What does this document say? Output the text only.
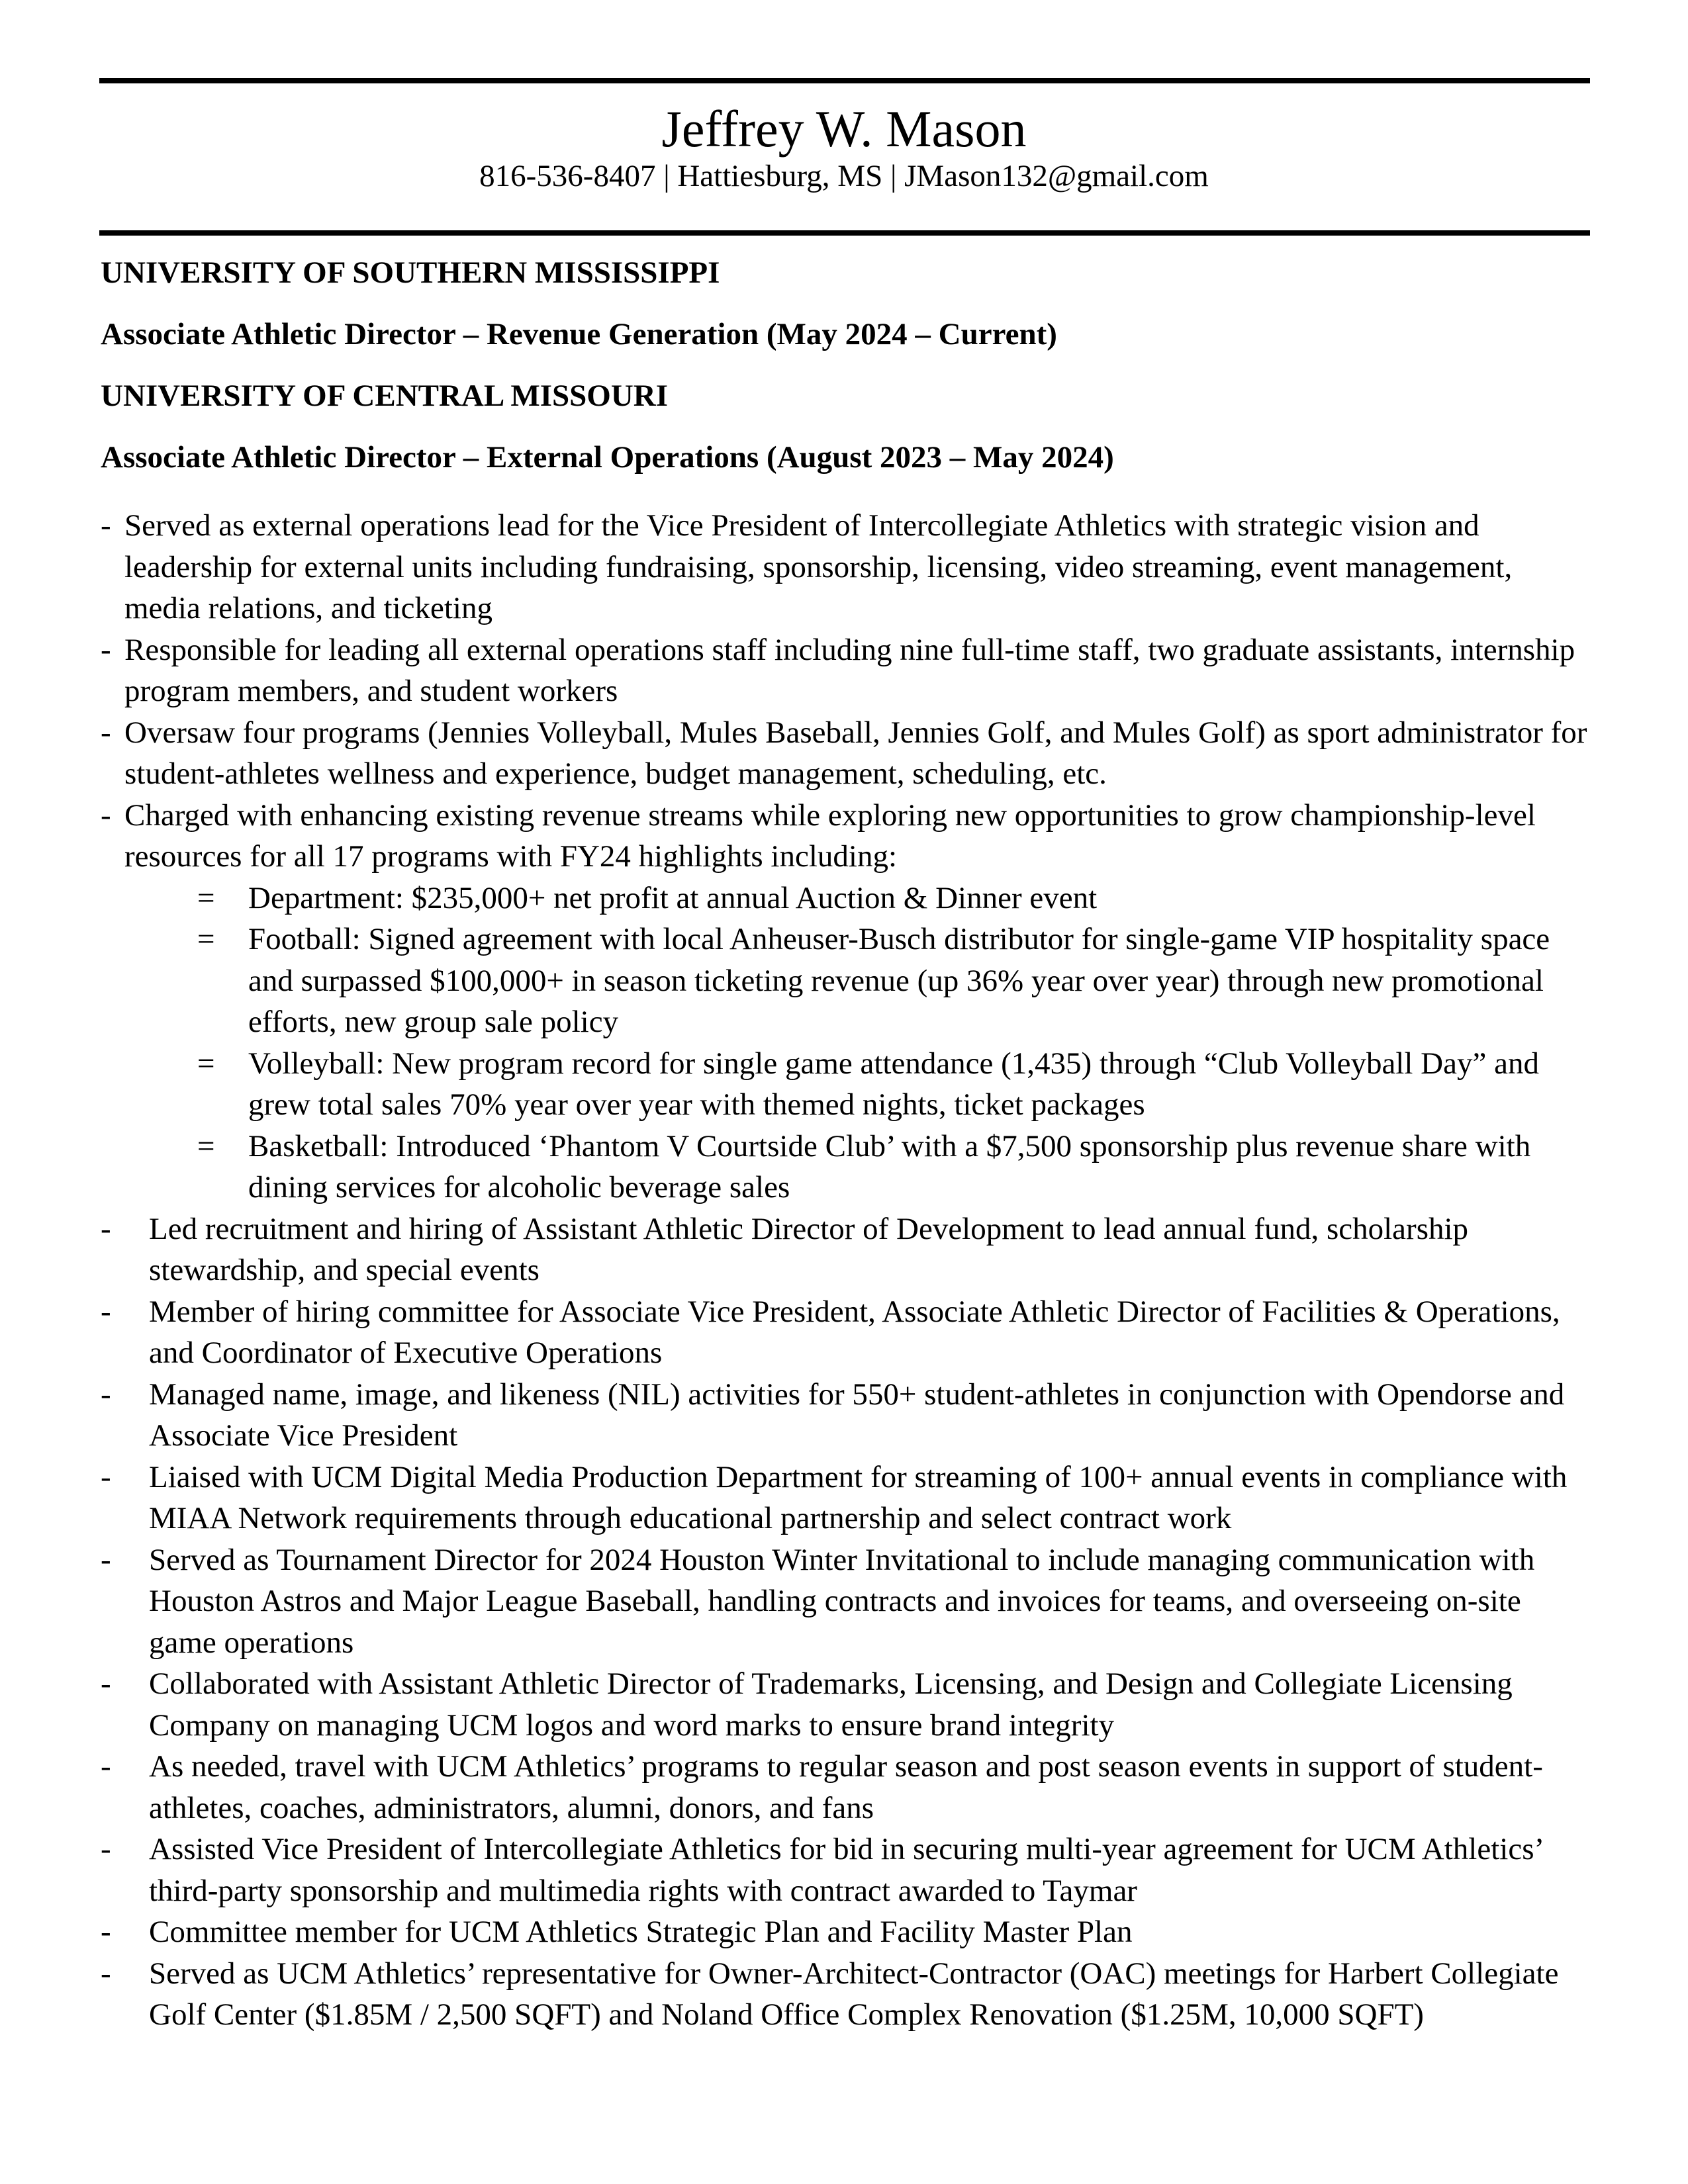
Jeffrey W. Mason
816-536-8407 | Hattiesburg, MS | JMason132@gmail.com
UNIVERSITY OF SOUTHERN MISSISSIPPI
Associate Athletic Director – Revenue Generation (May 2024 – Current)
UNIVERSITY OF CENTRAL MISSOURI
Associate Athletic Director – External Operations (August 2023 – May 2024)
- Served as external operations lead for the Vice President of Intercollegiate Athletics with strategic vision and leadership for external units including fundraising, sponsorship, licensing, video streaming, event management, media relations, and ticketing
- Responsible for leading all external operations staff including nine full-time staff, two graduate assistants, internship program members, and student workers
- Oversaw four programs (Jennies Volleyball, Mules Baseball, Jennies Golf, and Mules Golf) as sport administrator for student-athletes wellness and experience, budget management, scheduling, etc.
- Charged with enhancing existing revenue streams while exploring new opportunities to grow championship-level resources for all 17 programs with FY24 highlights including:
= Department: $235,000+ net profit at annual Auction & Dinner event
= Football: Signed agreement with local Anheuser-Busch distributor for single-game VIP hospitality space and surpassed $100,000+ in season ticketing revenue (up 36% year over year) through new promotional efforts, new group sale policy
= Volleyball: New program record for single game attendance (1,435) through “Club Volleyball Day” and grew total sales 70% year over year with themed nights, ticket packages
= Basketball: Introduced ‘Phantom V Courtside Club’ with a $7,500 sponsorship plus revenue share with dining services for alcoholic beverage sales
- Led recruitment and hiring of Assistant Athletic Director of Development to lead annual fund, scholarship stewardship, and special events
- Member of hiring committee for Associate Vice President, Associate Athletic Director of Facilities & Operations, and Coordinator of Executive Operations
- Managed name, image, and likeness (NIL) activities for 550+ student-athletes in conjunction with Opendorse and Associate Vice President
- Liaised with UCM Digital Media Production Department for streaming of 100+ annual events in compliance with MIAA Network requirements through educational partnership and select contract work
- Served as Tournament Director for 2024 Houston Winter Invitational to include managing communication with Houston Astros and Major League Baseball, handling contracts and invoices for teams, and overseeing on-site game operations
- Collaborated with Assistant Athletic Director of Trademarks, Licensing, and Design and Collegiate Licensing Company on managing UCM logos and word marks to ensure brand integrity
- As needed, travel with UCM Athletics’ programs to regular season and post season events in support of student-athletes, coaches, administrators, alumni, donors, and fans
- Assisted Vice President of Intercollegiate Athletics for bid in securing multi-year agreement for UCM Athletics’ third-party sponsorship and multimedia rights with contract awarded to Taymar
- Committee member for UCM Athletics Strategic Plan and Facility Master Plan
- Served as UCM Athletics’ representative for Owner-Architect-Contractor (OAC) meetings for Harbert Collegiate Golf Center ($1.85M / 2,500 SQFT) and Noland Office Complex Renovation ($1.25M, 10,000 SQFT)
